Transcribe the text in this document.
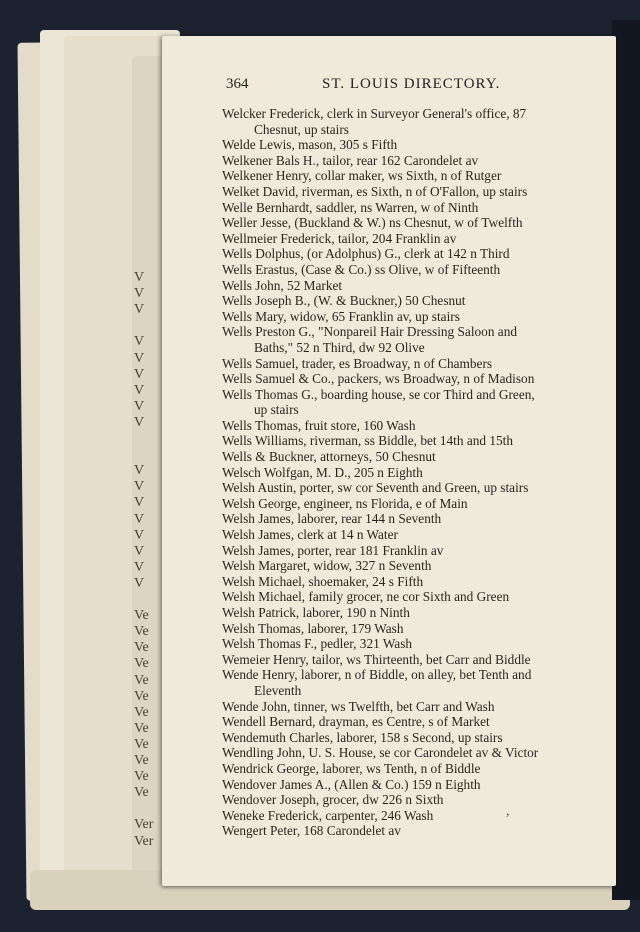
V
V
V
V
V
V
V
V
V
V
V
V
V
V
V
V
V
Ve
Ve
Ve
Ve
Ve
Ve
Ve
Ve
Ve
Ve
Ve
Ve
Ver
Ver
364	ST. LOUIS DIRECTORY.
Welcker Frederick, clerk in Surveyor General's office, 87
Chesnut, up stairs
Welde Lewis, mason, 305 s Fifth
Welkener Bals H., tailor, rear 162 Carondelet av
Welkener Henry, collar maker, ws Sixth, n of Rutger
Welket David, riverman, es Sixth, n of O'Fallon, up stairs
Welle Bernhardt, saddler, ns Warren, w of Ninth
Weller Jesse, (Buckland & W.) ns Chesnut, w of Twelfth
Wellmeier Frederick, tailor, 204 Franklin av
Wells Dolphus, (or Adolphus) G., clerk at 142 n Third
Wells Erastus, (Case & Co.) ss Olive, w of Fifteenth
Wells John, 52 Market
Wells Joseph B., (W. & Buckner,) 50 Chesnut
Wells Mary, widow, 65 Franklin av, up stairs
Wells Preston G., "Nonpareil Hair Dressing Saloon and
Baths," 52 n Third, dw 92 Olive
Wells Samuel, trader, es Broadway, n of Chambers
Wells Samuel & Co., packers, ws Broadway, n of Madison
Wells Thomas G., boarding house, se cor Third and Green,
up stairs
Wells Thomas, fruit store, 160 Wash
Wells Williams, riverman, ss Biddle, bet 14th and 15th
Wells & Buckner, attorneys, 50 Chesnut
Welsch Wolfgan, M. D., 205 n Eighth
Welsh Austin, porter, sw cor Seventh and Green, up stairs
Welsh George, engineer, ns Florida, e of Main
Welsh James, laborer, rear 144 n Seventh
Welsh James, clerk at 14 n Water
Welsh James, porter, rear 181 Franklin av
Welsh Margaret, widow, 327 n Seventh
Welsh Michael, shoemaker, 24 s Fifth
Welsh Michael, family grocer, ne cor Sixth and Green
Welsh Patrick, laborer, 190 n Ninth
Welsh Thomas, laborer, 179 Wash
Welsh Thomas F., pedler, 321 Wash
Wemeier Henry, tailor, ws Thirteenth, bet Carr and Biddle
Wende Henry, laborer, n of Biddle, on alley, bet Tenth and
Eleventh
Wende John, tinner, ws Twelfth, bet Carr and Wash
Wendell Bernard, drayman, es Centre, s of Market
Wendemuth Charles, laborer, 158 s Second, up stairs
Wendling John, U. S. House, se cor Carondelet av & Victor
Wendrick George, laborer, ws Tenth, n of Biddle
Wendover James A., (Allen & Co.) 159 n Eighth
Wendover Joseph, grocer, dw 226 n Sixth
Weneke Frederick, carpenter, 246 Wash
Wengert Peter, 168 Carondelet av
,
